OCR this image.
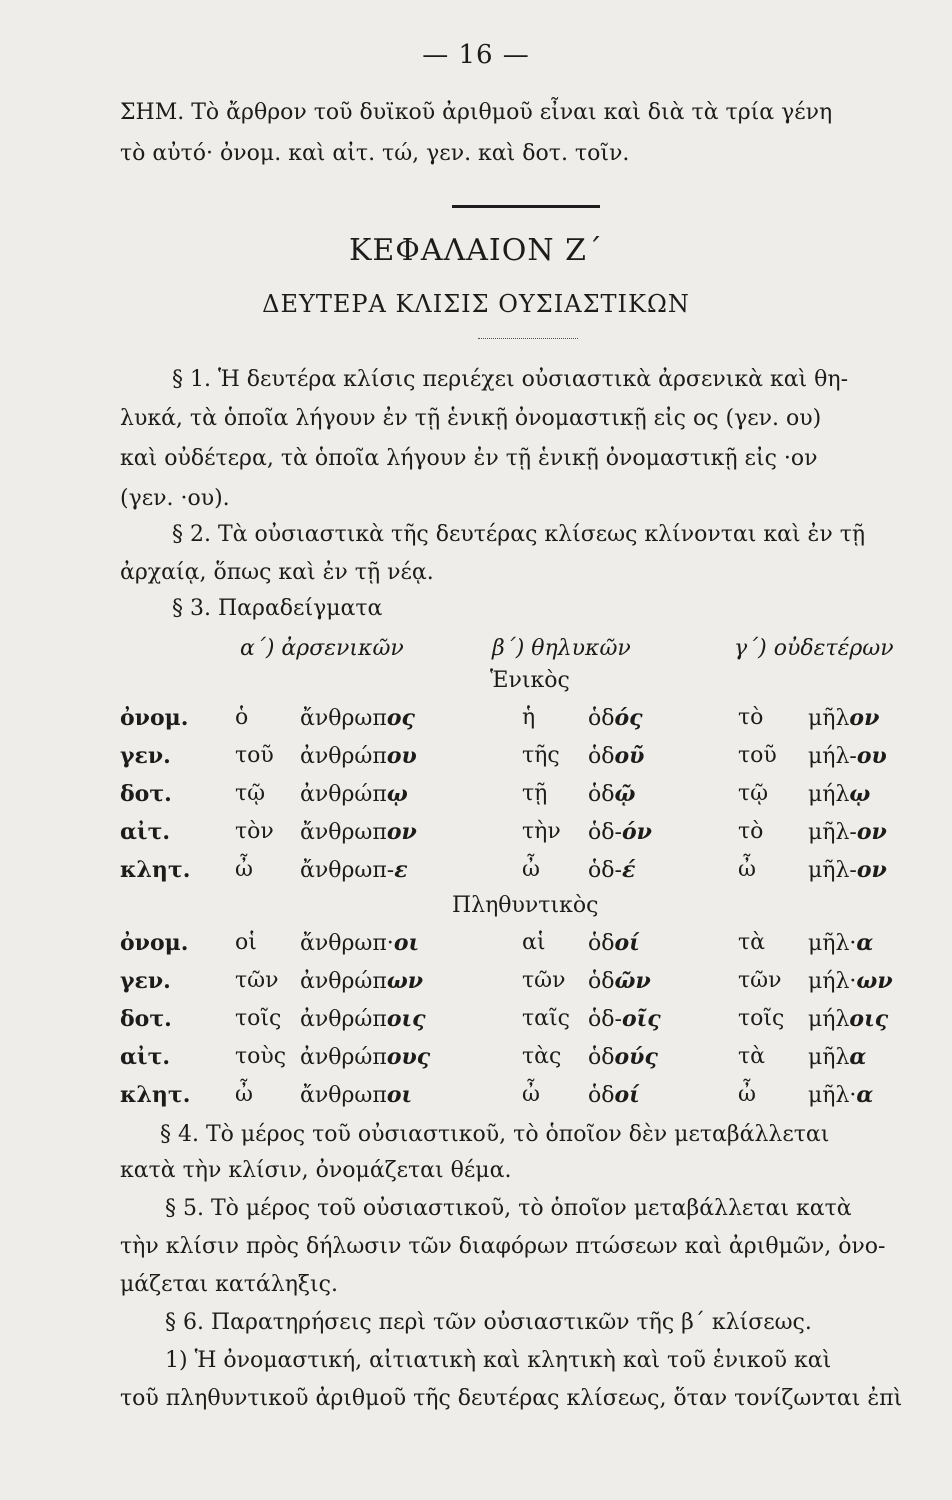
— 16 —
ΣΗΜ. Τὸ ἄρθρον τοῦ δυϊκοῦ ἀριθμοῦ εἶναι καὶ διὰ τὰ τρία γένη
τὸ αὐτό· ὀνομ. καὶ αἰτ. τώ, γεν. καὶ δοτ. τοῖν.
ΚΕΦΑΛΑΙΟΝ Ζ΄
ΔΕΥΤΕΡΑ ΚΛΙΣΙΣ ΟΥΣΙΑΣΤΙΚΩΝ
§ 1. Ἡ δευτέρα κλίσις περιέχει οὐσιαστικὰ ἀρσενικὰ καὶ θη-
λυκά, τὰ ὁποῖα λήγουν ἐν τῇ ἑνικῇ ὀνομαστικῇ εἰς ος (γεν. ου)
καὶ οὐδέτερα, τὰ ὁποῖα λήγουν ἐν τῇ ἑνικῇ ὀνομαστικῇ εἰς ·ον
(γεν. ·ου).
§ 2. Τὰ οὐσιαστικὰ τῆς δευτέρας κλίσεως κλίνονται καὶ ἐν τῇ
ἀρχαίᾳ, ὅπως καὶ ἐν τῇ νέᾳ.
§ 3. Παραδείγματα
α΄) ἀρσενικῶν	β΄) θηλυκῶν	γ΄) οὐδετέρων
Ἑνικὸς
ὀνομ. ὁ ἄνθρωπος	ἡ ὁδός	τὸ μῆλον
γεν.	τοῦ ἀνθρώπου	τῆς ὁδοῦ	τοῦ μήλ-ου
δοτ.	τῷ ἀνθρώπῳ	τῇ ὁδῷ	τῷ μήλῳ
αἰτ.	τὸν ἄνθρωπον	τὴν ὁδ-όν	τὸ μῆλ-ον
κλητ. ὦ ἄνθρωπ-ε	ὦ ὁδ-έ	ὦ μῆλ-ον
Πληθυντικὸς
ὀνομ. οἱ ἄνθρωπ·οι	αἱ ὁδοί	τὰ μῆλ·α
γεν.	τῶν ἀνθρώπων	τῶν ὁδῶν	τῶν μήλ·ων
δοτ.	τοῖς ἀνθρώποις	ταῖς ὁδ-οῖς	τοῖς μήλοις
αἰτ.	τοὺς ἀνθρώπους	τὰς ὁδούς	τὰ μῆλα
κλητ. ὦ ἄνθρωποι	ὦ ὁδοί	ὦ μῆλ·α
§ 4. Τὸ μέρος τοῦ οὐσιαστικοῦ, τὸ ὁποῖον δὲν μεταβάλλεται
κατὰ τὴν κλίσιν, ὀνομάζεται θέμα.
§ 5. Τὸ μέρος τοῦ οὐσιαστικοῦ, τὸ ὁποῖον μεταβάλλεται κατὰ
τὴν κλίσιν πρὸς δήλωσιν τῶν διαφόρων πτώσεων καὶ ἀριθμῶν, ὀνο-
μάζεται κατάληξις.
§ 6. Παρατηρήσεις περὶ τῶν οὐσιαστικῶν τῆς β΄ κλίσεως.
1) Ἡ ὀνομαστική, αἰτιατικὴ καὶ κλητικὴ καὶ τοῦ ἑνικοῦ καὶ
τοῦ πληθυντικοῦ ἀριθμοῦ τῆς δευτέρας κλίσεως, ὅταν τονίζωνται ἐπὶ
